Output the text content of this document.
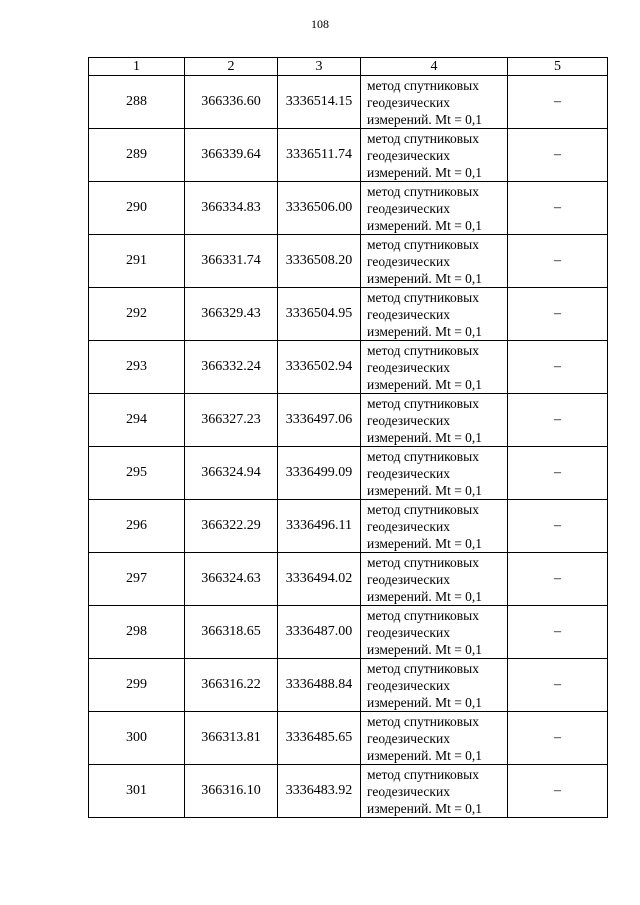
108
1	2	3	4	5
288	366336.60	3336514.15	метод спутниковых
геодезических
измерений. Mt = 0,1	–
289	366339.64	3336511.74	метод спутниковых
геодезических
измерений. Mt = 0,1	–
290	366334.83	3336506.00	метод спутниковых
геодезических
измерений. Mt = 0,1	–
291	366331.74	3336508.20	метод спутниковых
геодезических
измерений. Mt = 0,1	–
292	366329.43	3336504.95	метод спутниковых
геодезических
измерений. Mt = 0,1	–
293	366332.24	3336502.94	метод спутниковых
геодезических
измерений. Mt = 0,1	–
294	366327.23	3336497.06	метод спутниковых
геодезических
измерений. Mt = 0,1	–
295	366324.94	3336499.09	метод спутниковых
геодезических
измерений. Mt = 0,1	–
296	366322.29	3336496.11	метод спутниковых
геодезических
измерений. Mt = 0,1	–
297	366324.63	3336494.02	метод спутниковых
геодезических
измерений. Mt = 0,1	–
298	366318.65	3336487.00	метод спутниковых
геодезических
измерений. Mt = 0,1	–
299	366316.22	3336488.84	метод спутниковых
геодезических
измерений. Mt = 0,1	–
300	366313.81	3336485.65	метод спутниковых
геодезических
измерений. Mt = 0,1	–
301	366316.10	3336483.92	метод спутниковых
геодезических
измерений. Mt = 0,1	–
